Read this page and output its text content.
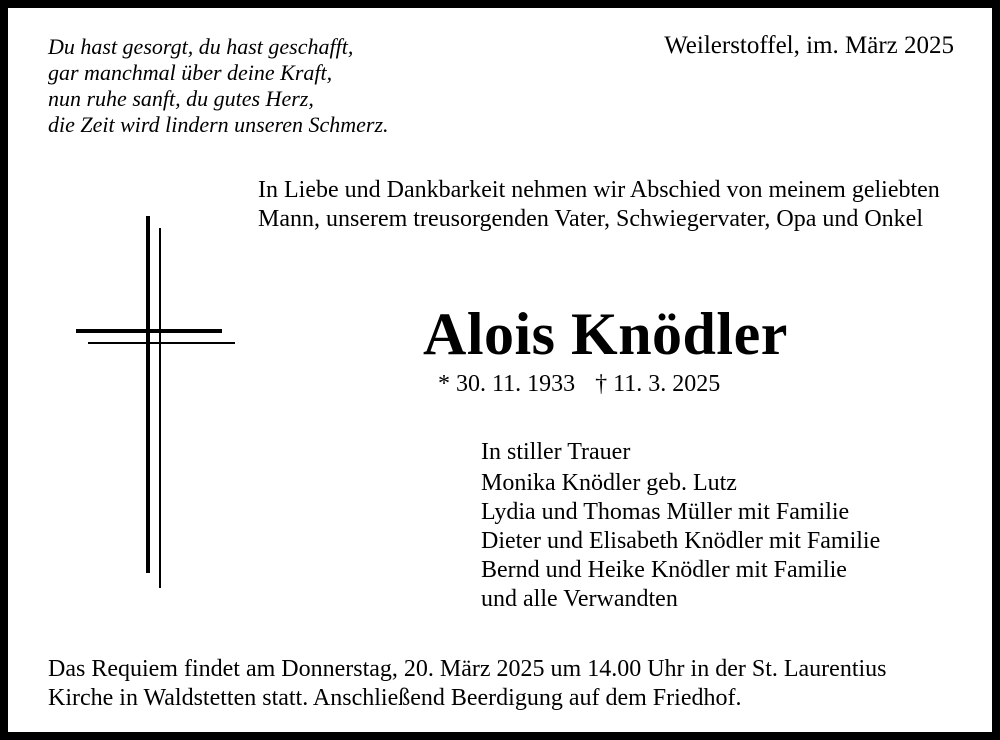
Du hast gesorgt, du hast geschafft,
gar manchmal über deine Kraft,
nun ruhe sanft, du gutes Herz,
die Zeit wird lindern unseren Schmerz.
Weilerstoffel, im. März 2025
In Liebe und Dankbarkeit nehmen wir Abschied von meinem geliebten Mann, unserem treusorgenden Vater, Schwiegervater, Opa und Onkel
Alois Knödler
* 30. 11. 1933 † 11. 3. 2025
In stiller Trauer
Monika Knödler geb. Lutz
Lydia und Thomas Müller mit Familie
Dieter und Elisabeth Knödler mit Familie
Bernd und Heike Knödler mit Familie
und alle Verwandten
Das Requiem findet am Donnerstag, 20. März 2025 um 14.00 Uhr in der St. Laurentius
Kirche in Waldstetten statt. Anschließend Beerdigung auf dem Friedhof.
